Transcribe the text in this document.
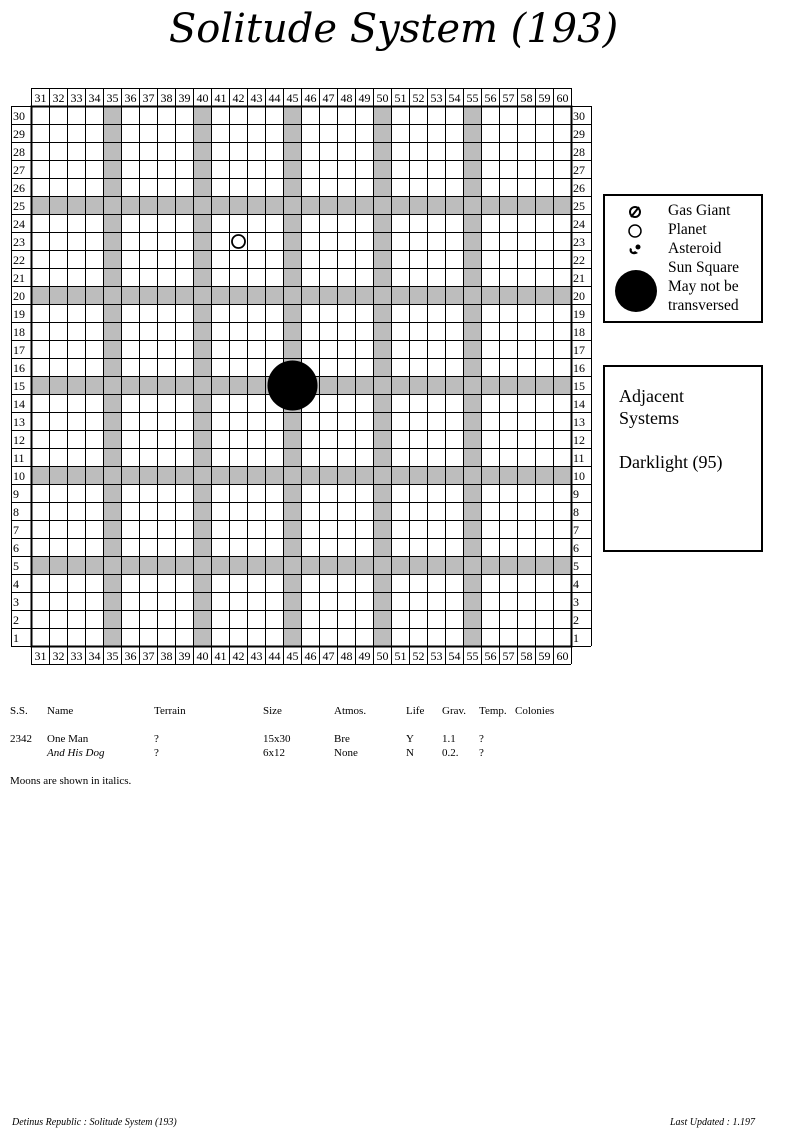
Solitude System (193)
31
31
32
32
33
33
34
34
35
35
36
36
37
37
38
38
39
39
40
40
41
41
42
42
43
43
44
44
45
45
46
46
47
47
48
48
49
49
50
50
51
51
52
52
53
53
54
54
55
55
56
56
57
57
58
58
59
59
60
60
30	30
29	29
28	28
27	27
26	26
25	25
24	24
23	23
22	22
21	21
20	20
19	19
18	18
17	17
16	16
15	15
14	14
13	13
12	12
11	11
10	10
9	9
8	8
7	7
6	6
5	5
4	4
3	3
2	2
1	1
Gas Giant
Planet
Asteroid
Sun Square
May not be
transversed
Adjacent
Systems
Darklight (95)
S.S. Name	Terrain	Size	Atmos.	Life Grav. Temp. Colonies
2342 One Man	?	15x30	Bre	Y	1.1 ?
And His Dog	?	6x12	None	N	0.2. ?
Moons are shown in italics.
Detinus Republic : Solitude System (193)	Last Updated : 1.197
